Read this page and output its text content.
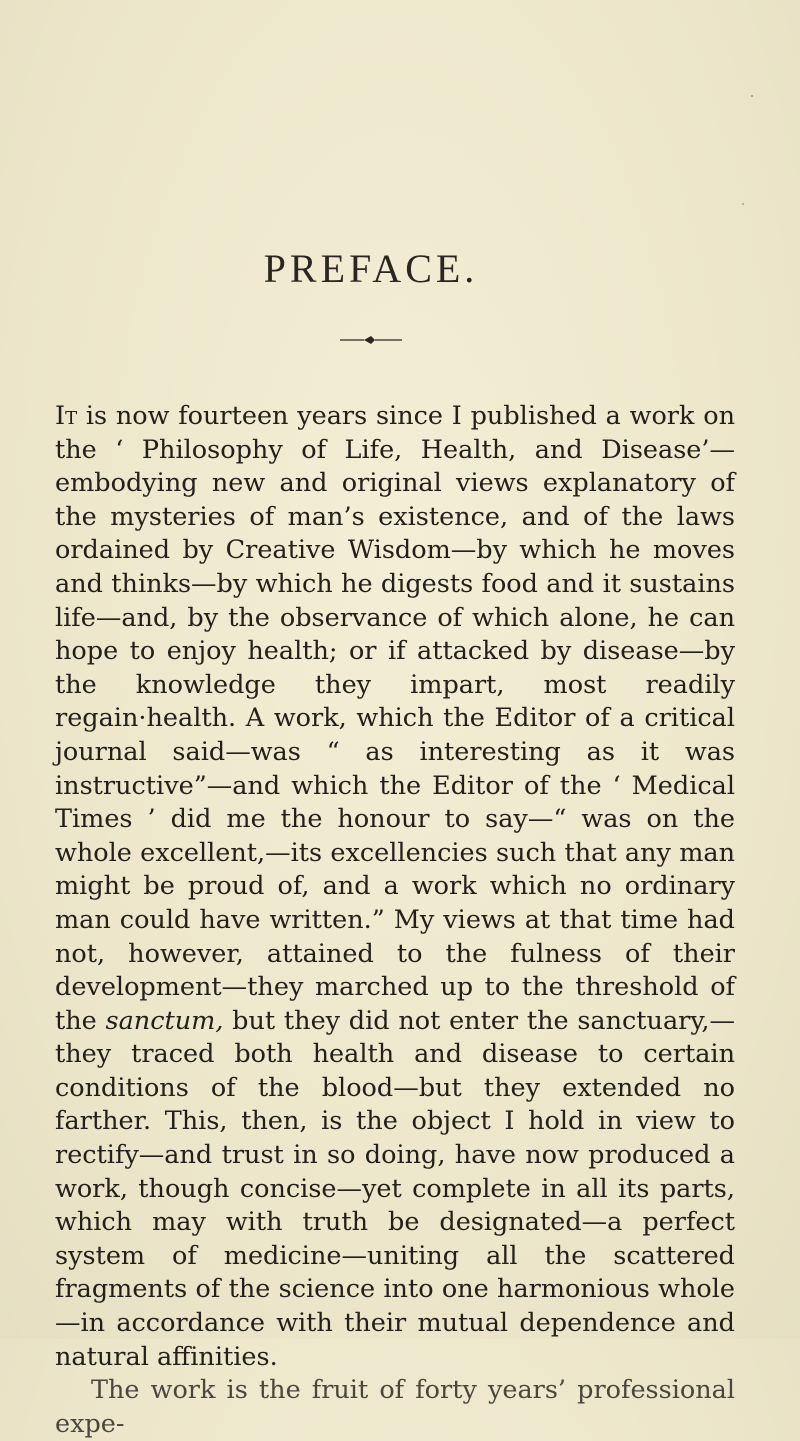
PREFACE.

It is now fourteen years since I published a work on the ‘ Philosophy of Life, Health, and Disease’—embodying new and original views explanatory of the mysteries of man’s existence, and of the laws ordained by Creative Wisdom—by which he moves and thinks—by which he digests food and it sustains life—and, by the observance of which alone, he can hope to enjoy health; or if attacked by disease—by the knowledge they impart, most readily regain·health. A work, which the Editor of a critical journal said—was “ as interesting as it was instructive”—and which the Editor of the ‘ Medical Times ’ did me the honour to say—“ was on the whole excellent,—its excellencies such that any man might be proud of, and a work which no ordinary man could have written.” My views at that time had not, however, attained to the fulness of their development—they marched up to the threshold of the sanctum, but they did not enter the sanctuary,—they traced both health and disease to certain conditions of the blood—but they extended no farther. This, then, is the object I hold in view to rectify—and trust in so doing, have now produced a work, though concise—yet complete in all its parts, which may with truth be designated—a perfect system of medicine—uniting all the scattered fragments of the science into one harmonious whole—in accordance with their mutual dependence and natural affinities.

The work is the fruit of forty years’ professional expe-
